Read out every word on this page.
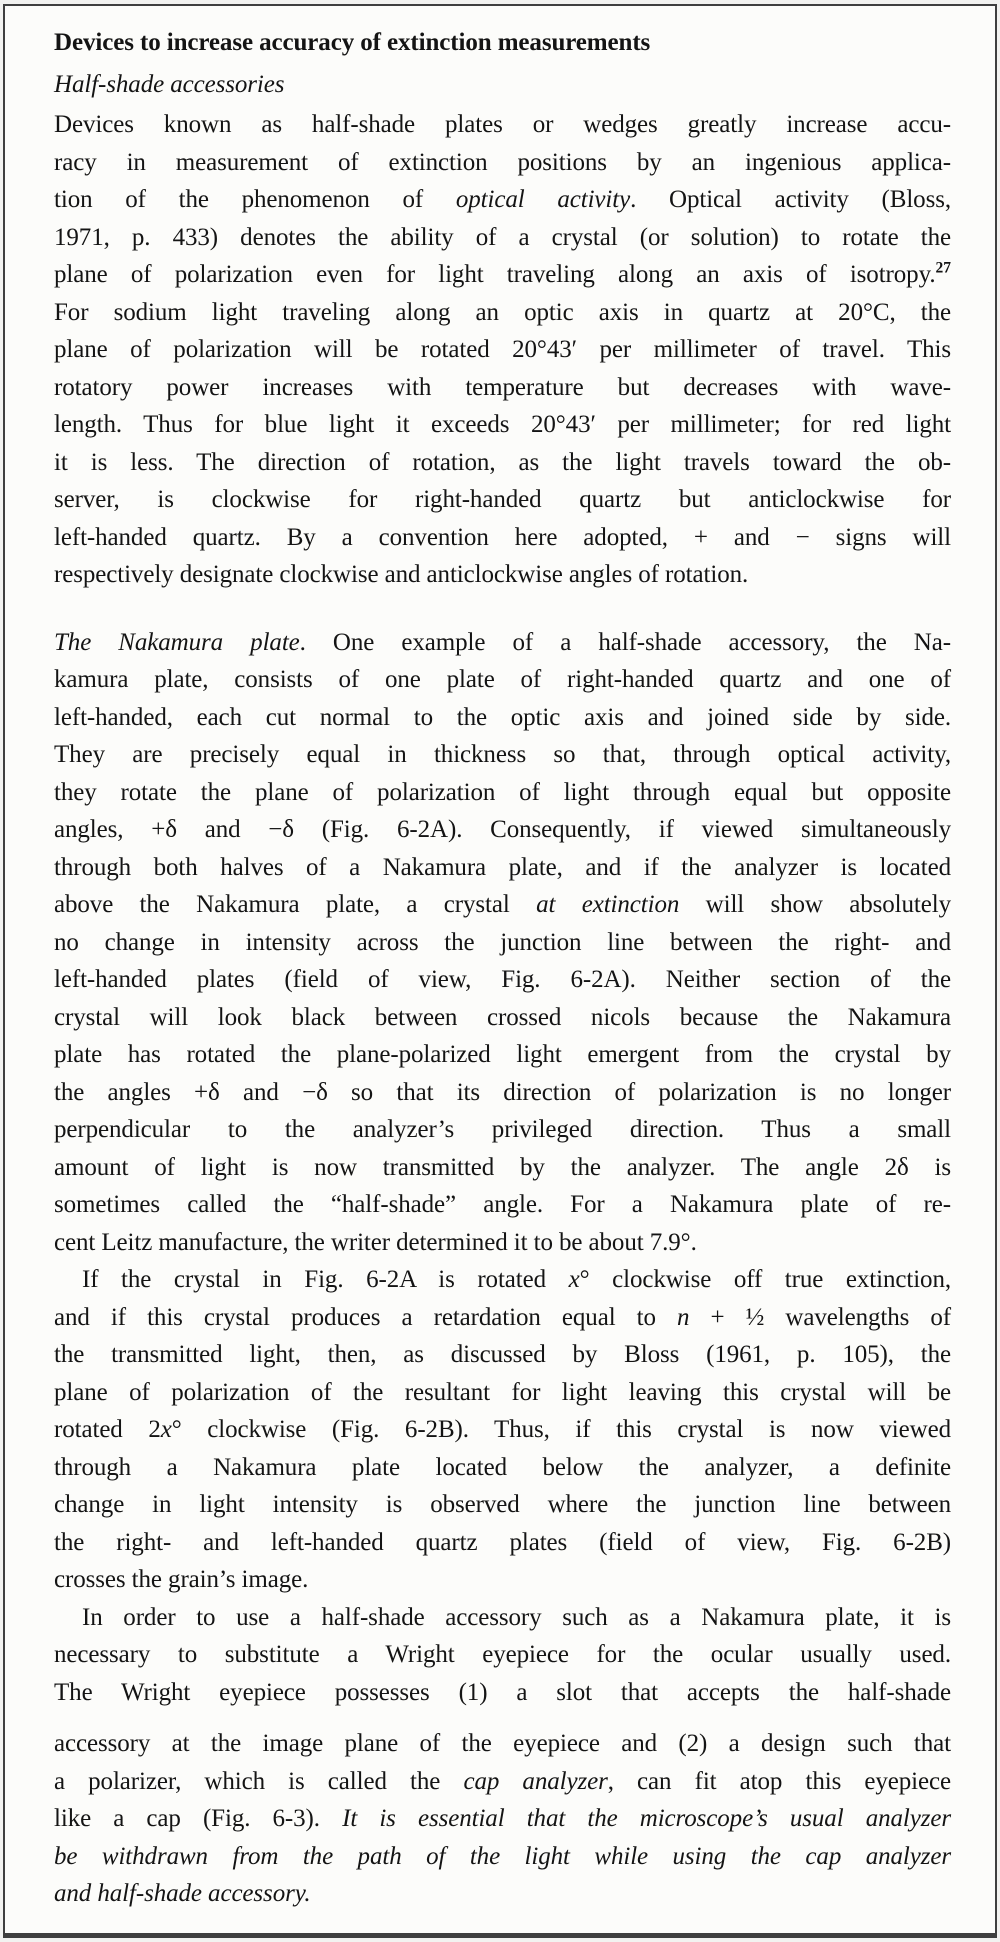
Devices to increase accuracy of extinction measurements
Half-shade accessories
Devices known as half-shade plates or wedges greatly increase accu-
racy in measurement of extinction positions by an ingenious applica-
tion of the phenomenon of optical activity. Optical activity (Bloss,
1971, p. 433) denotes the ability of a crystal (or solution) to rotate the
plane of polarization even for light traveling along an axis of isotropy.$^{27}$
For sodium light traveling along an optic axis in quartz at 20°C, the
plane of polarization will be rotated 20°43′ per millimeter of travel. This
rotatory power increases with temperature but decreases with wave-
length. Thus for blue light it exceeds 20°43′ per millimeter; for red light
it is less. The direction of rotation, as the light travels toward the ob-
server, is clockwise for right-handed quartz but anticlockwise for
left-handed quartz. By a convention here adopted, + and − signs will
respectively designate clockwise and anticlockwise angles of rotation.
The Nakamura plate. One example of a half-shade accessory, the Na-
kamura plate, consists of one plate of right-handed quartz and one of
left-handed, each cut normal to the optic axis and joined side by side.
They are precisely equal in thickness so that, through optical activity,
they rotate the plane of polarization of light through equal but opposite
angles, +δ and −δ (Fig. 6-2A). Consequently, if viewed simultaneously
through both halves of a Nakamura plate, and if the analyzer is located
above the Nakamura plate, a crystal at extinction will show absolutely
no change in intensity across the junction line between the right- and
left-handed plates (field of view, Fig. 6-2A). Neither section of the
crystal will look black between crossed nicols because the Nakamura
plate has rotated the plane-polarized light emergent from the crystal by
the angles +δ and −δ so that its direction of polarization is no longer
perpendicular to the analyzer’s privileged direction. Thus a small
amount of light is now transmitted by the analyzer. The angle 2δ is
sometimes called the “half-shade” angle. For a Nakamura plate of re-
cent Leitz manufacture, the writer determined it to be about 7.9°.
If the crystal in Fig. 6-2A is rotated x° clockwise off true extinction,
and if this crystal produces a retardation equal to n + ½ wavelengths of
the transmitted light, then, as discussed by Bloss (1961, p. 105), the
plane of polarization of the resultant for light leaving this crystal will be
rotated 2x° clockwise (Fig. 6-2B). Thus, if this crystal is now viewed
through a Nakamura plate located below the analyzer, a definite
change in light intensity is observed where the junction line between
the right- and left-handed quartz plates (field of view, Fig. 6-2B)
crosses the grain’s image.
In order to use a half-shade accessory such as a Nakamura plate, it is
necessary to substitute a Wright eyepiece for the ocular usually used.
The Wright eyepiece possesses (1) a slot that accepts the half-shade
accessory at the image plane of the eyepiece and (2) a design such that
a polarizer, which is called the cap analyzer, can fit atop this eyepiece
like a cap (Fig. 6-3). It is essential that the microscope’s usual analyzer
be withdrawn from the path of the light while using the cap analyzer
and half-shade accessory.
